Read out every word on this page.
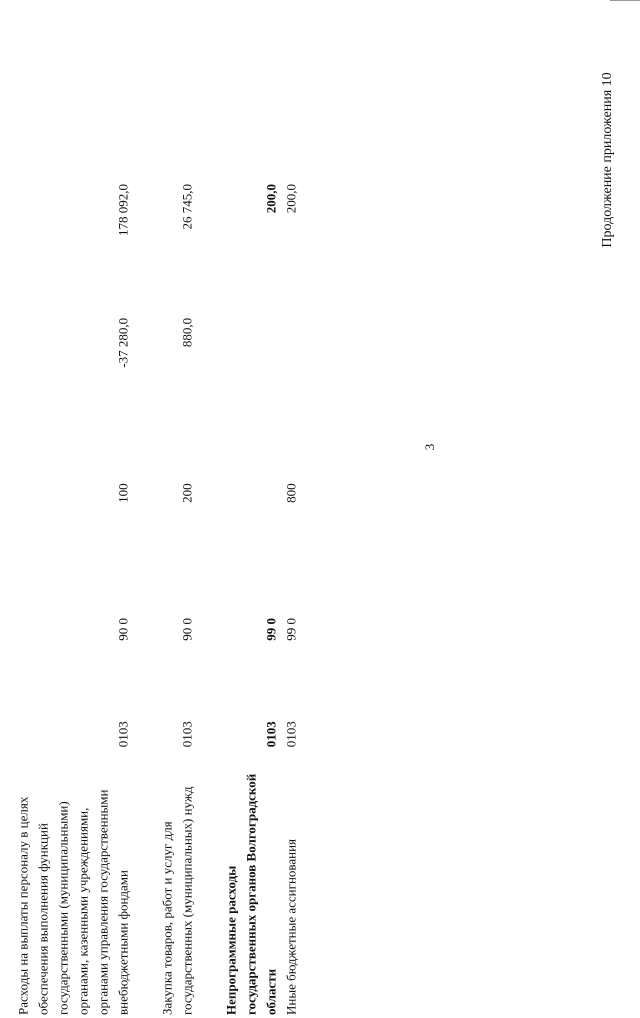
3
Продолжение приложения 10

Расходы на выплаты персоналу в целях обеспечения выполнения функций государственными (муниципальными) органами, казенными учреждениями, органами управления государственными внебюджетными фондами	0103	90 0	100	-37 280,0	178 092,0

Закупка товаров, работ и услуг для государственных (муниципальных) нужд	0103	90 0	200	880,0	26 745,0

Непрограммные расходы государственных органов Волгоградской области	0103	99 0			200,0
Иные бюджетные ассигнования	0103	99 0	800		200,0
